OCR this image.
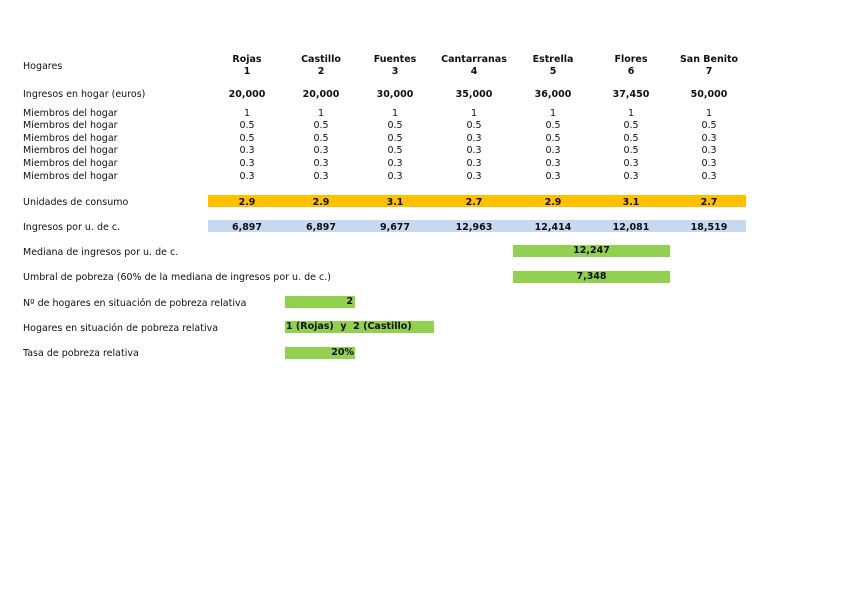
Hogares
Ingresos en hogar (euros)
Miembros del hogar
Miembros del hogar
Miembros del hogar
Miembros del hogar
Miembros del hogar
Miembros del hogar
Unidades de consumo
Ingresos por u. de c.
Mediana de ingresos por u. de c.
Umbral de pobreza (60% de la mediana de ingresos por u. de c.)
Nº de hogares en situación de pobreza relativa
Hogares en situación de pobreza relativa
Tasa de pobreza relativa
Rojas
1
20,000
1
0.5
0.5
0.3
0.3
0.3
2.9
6,897
Castillo
2
20,000
1
0.5
0.5
0.3
0.3
0.3
2.9
6,897
Fuentes
3
30,000
1
0.5
0.5
0.5
0.3
0.3
3.1
9,677
Cantarranas
4
35,000
1
0.5
0.3
0.3
0.3
0.3
2.7
12,963
Estrella
5
36,000
1
0.5
0.5
0.3
0.3
0.3
2.9
12,414
Flores
6
37,450
1
0.5
0.5
0.5
0.3
0.3
3.1
12,081
San Benito
7
50,000
1
0.5
0.3
0.3
0.3
0.3
2.7
18,519
12,247
7,348
2
1 (Rojas)  y  2 (Castillo)
20%
